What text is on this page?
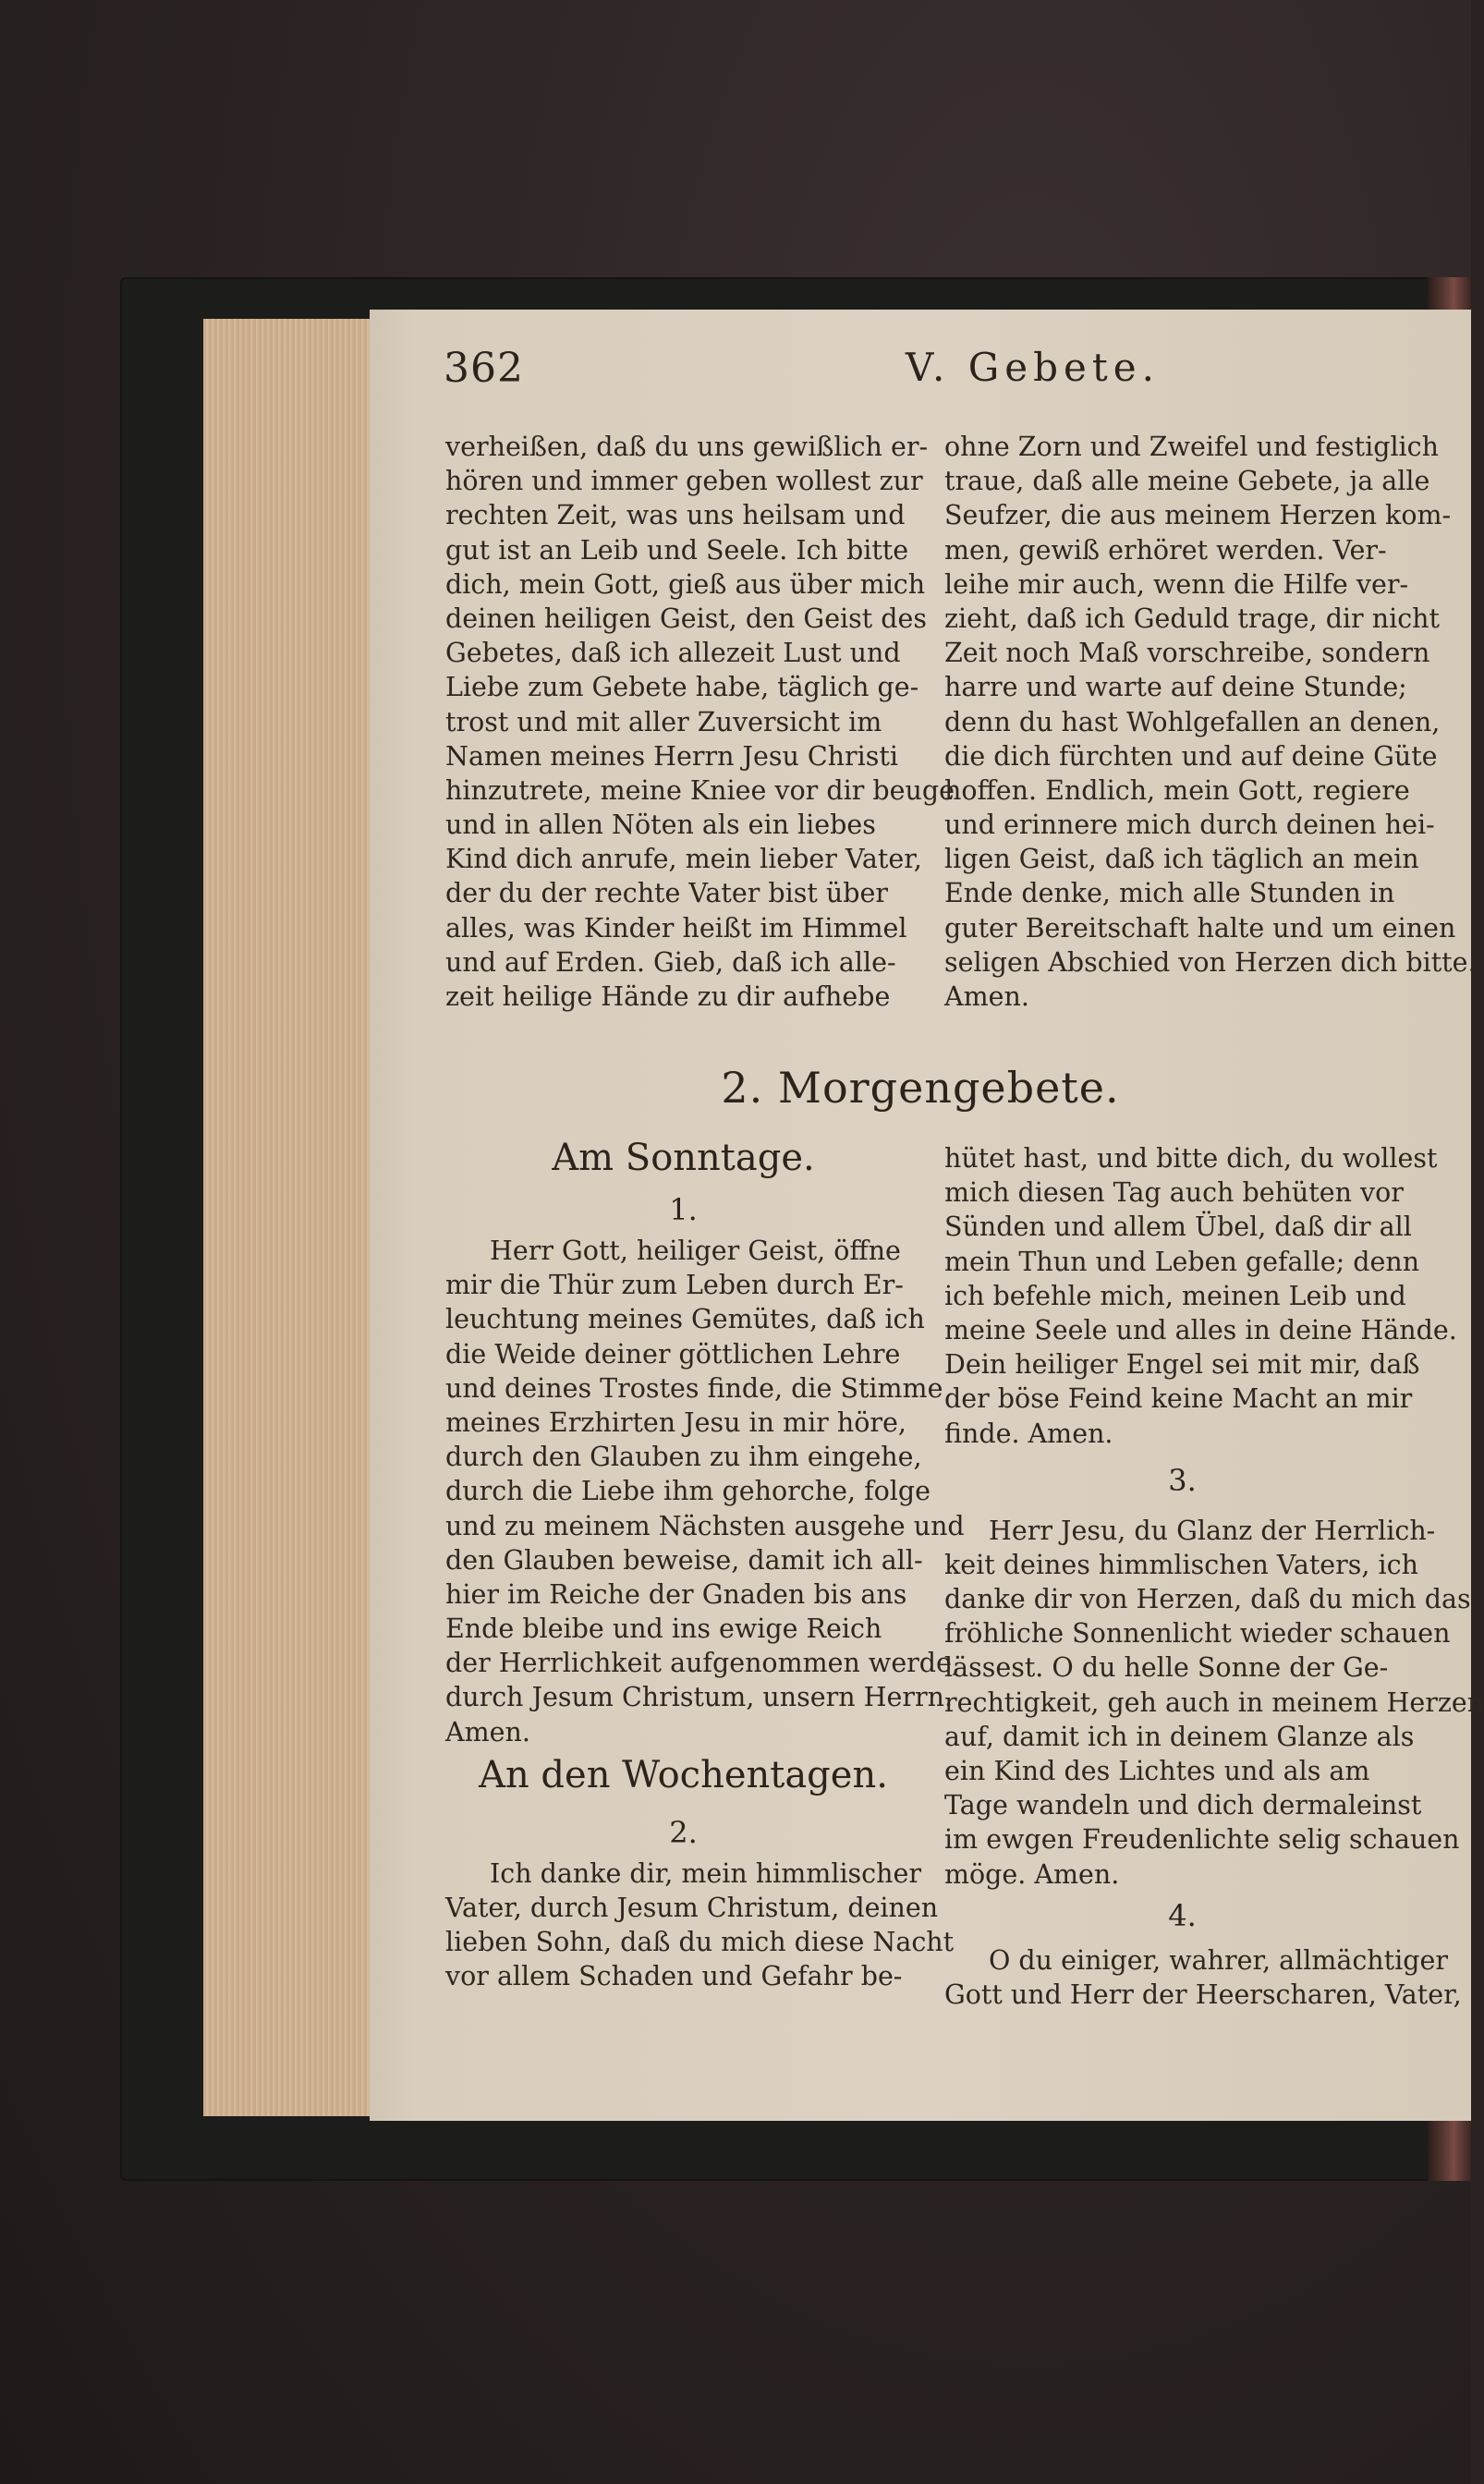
362	V. Gebete.
verheißen, daß du uns gewißlich er-
hören und immer geben wollest zur
rechten Zeit, was uns heilsam und
gut ist an Leib und Seele. Ich bitte
dich, mein Gott, gieß aus über mich
deinen heiligen Geist, den Geist des
Gebetes, daß ich allezeit Lust und
Liebe zum Gebete habe, täglich ge-
trost und mit aller Zuversicht im
Namen meines Herrn Jesu Christi
hinzutrete, meine Kniee vor dir beuge
und in allen Nöten als ein liebes
Kind dich anrufe, mein lieber Vater,
der du der rechte Vater bist über
alles, was Kinder heißt im Himmel
und auf Erden. Gieb, daß ich alle-
zeit heilige Hände zu dir aufhebe
ohne Zorn und Zweifel und festiglich
traue, daß alle meine Gebete, ja alle
Seufzer, die aus meinem Herzen kom-
men, gewiß erhöret werden. Ver-
leihe mir auch, wenn die Hilfe ver-
zieht, daß ich Geduld trage, dir nicht
Zeit noch Maß vorschreibe, sondern
harre und warte auf deine Stunde;
denn du hast Wohlgefallen an denen,
die dich fürchten und auf deine Güte
hoffen. Endlich, mein Gott, regiere
und erinnere mich durch deinen hei-
ligen Geist, daß ich täglich an mein
Ende denke, mich alle Stunden in
guter Bereitschaft halte und um einen
seligen Abschied von Herzen dich bitte.
Amen.
2. Morgengebete.

Am Sonntage.

1.

Herr Gott, heiliger Geist, öffne
mir die Thür zum Leben durch Er-
leuchtung meines Gemütes, daß ich
die Weide deiner göttlichen Lehre
und deines Trostes finde, die Stimme
meines Erzhirten Jesu in mir höre,
durch den Glauben zu ihm eingehe,
durch die Liebe ihm gehorche, folge
und zu meinem Nächsten ausgehe und
den Glauben beweise, damit ich all-
hier im Reiche der Gnaden bis ans
Ende bleibe und ins ewige Reich
der Herrlichkeit aufgenommen werde,
durch Jesum Christum, unsern Herrn.
Amen.

An den Wochentagen.

2.

Ich danke dir, mein himmlischer
Vater, durch Jesum Christum, deinen
lieben Sohn, daß du mich diese Nacht
vor allem Schaden und Gefahr be-
hütet hast, und bitte dich, du wollest
mich diesen Tag auch behüten vor
Sünden und allem Übel, daß dir all
mein Thun und Leben gefalle; denn
ich befehle mich, meinen Leib und
meine Seele und alles in deine Hände.
Dein heiliger Engel sei mit mir, daß
der böse Feind keine Macht an mir
finde. Amen.

3.

Herr Jesu, du Glanz der Herrlich-
keit deines himmlischen Vaters, ich
danke dir von Herzen, daß du mich das
fröhliche Sonnenlicht wieder schauen
lässest. O du helle Sonne der Ge-
rechtigkeit, geh auch in meinem Herzen
auf, damit ich in deinem Glanze als
ein Kind des Lichtes und als am
Tage wandeln und dich dermaleinst
im ewgen Freudenlichte selig schauen
möge. Amen.

4.

O du einiger, wahrer, allmächtiger
Gott und Herr der Heerscharen, Vater,
